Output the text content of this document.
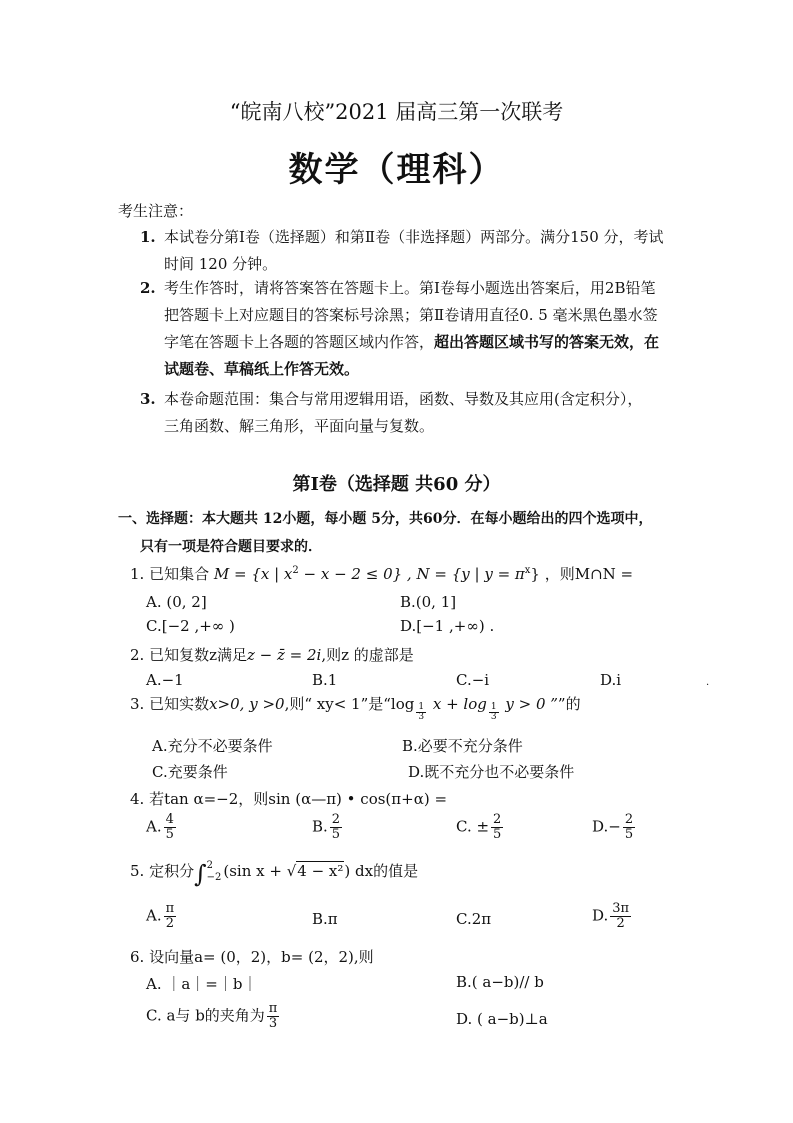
“皖南八校”2021 届高三第一次联考
数学（理科）
考生注意：
1. 本试卷分第Ⅰ卷（选择题）和第Ⅱ卷（非选择题）两部分。满分150 分，考试
时间 120 分钟。
2. 考生作答时，请将答案答在答题卡上。第Ⅰ卷每小题选出答案后，用2B铅笔
把答题卡上对应题目的答案标号涂黑；第Ⅱ卷请用直径0. 5 毫米黑色墨水签
字笔在答题卡上各题的答题区域内作答，超出答题区域书写的答案无效，在
试题卷、草稿纸上作答无效。
3. 本卷命题范围：集合与常用逻辑用语，函数、导数及其应用(含定积分），
三角函数、解三角形，平面向量与复数。
第Ⅰ卷（选择题 共60 分）
一、选择题：本大题共 12小题，每小题 5分，共60分．在每小题给出的四个选项中，
只有一项是符合题目要求的．
1. 已知集合 M = {x | $x^2 - x - 2 \le 0$} , N = {y | $y = \pi^x$} ，则M∩N =
A. (0, 2]	B.(0, 1]
C.[−2 ,+∞ )	D.[−1 ,+∞) .
2. 已知复数z满足z − z̄ = 2i,则z 的虚部是
A.−1	B.1	C.−i	D.i	.
3. 已知实数x>0, y >0,则“ xy< 1”是“$\log \frac{1}{3}$ $x + \log \frac{1}{3}$ y > 0 ””的
A.充分不必要条件	B.必要不充分条件
C.充要条件	D.既不充分也不必要条件
4. 若tan α=−2，则sin (α—π) • cos(π+α) =
A. $\frac{4}{5}$	B. $\frac{2}{5}$	C. ± $\frac{2}{5}$	$D.- \frac{2}{5}$
5. 定积分∫ 2
−2 (sin x + √4 − x²) dx的值是
A. $\frac{\pi}{2}$	B.π	C.2π	D. $\frac{3\pi}{2}$
6. 设向量a= (0，2)，b= (2，2),则
A. ｜a｜=｜b｜	B.( a−b)// b
C. a与 b的夹角为 $\frac{\pi}{3}$	D. ( a−b)⊥a
